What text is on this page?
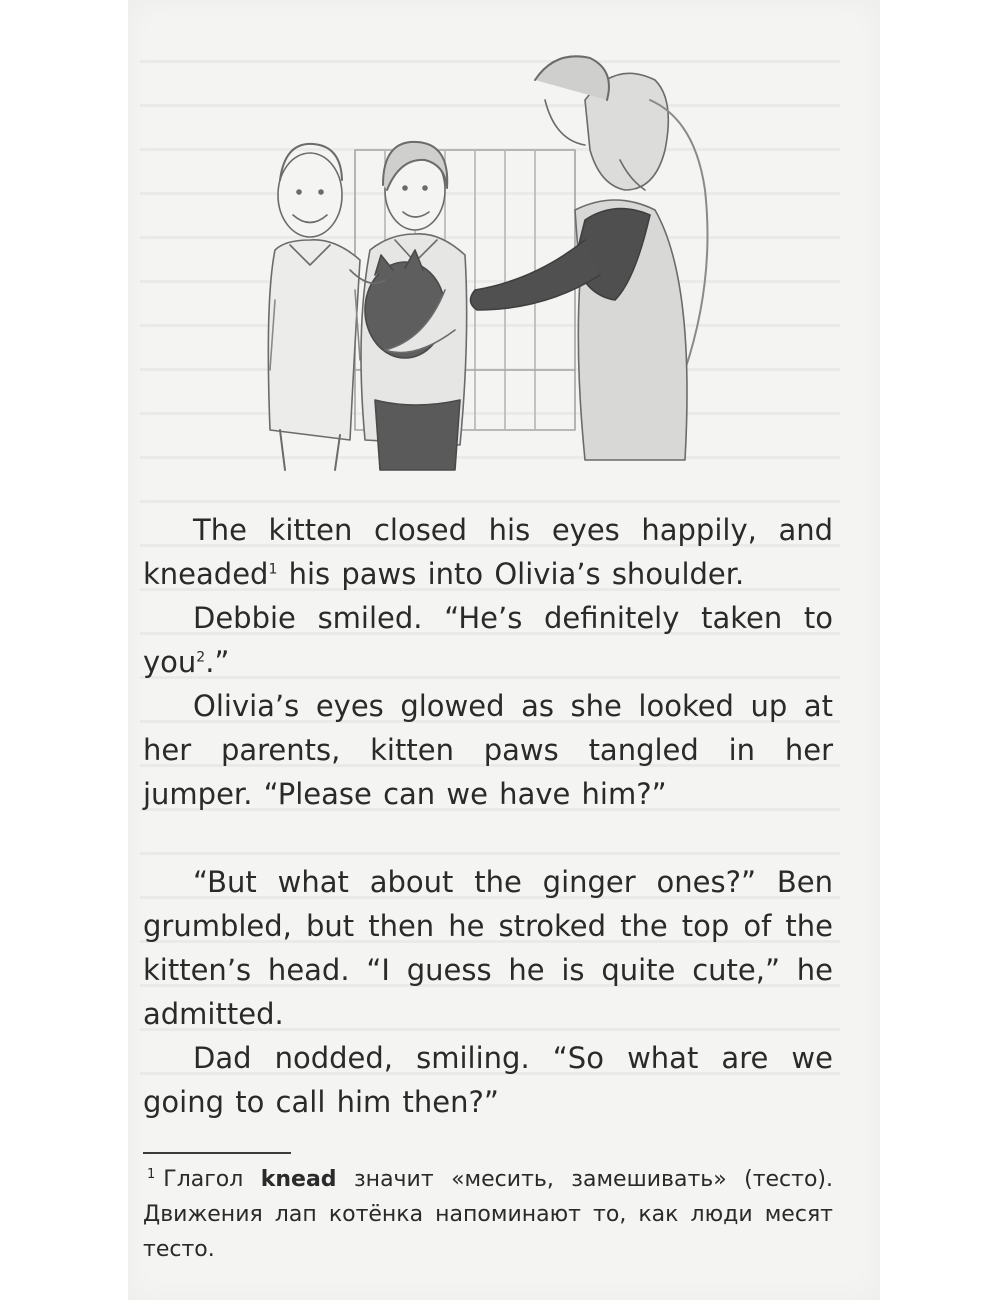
The kitten closed his eyes happily, and kneaded$^1$ his paws into Olivia’s shoulder.

Debbie smiled. “He’s definitely taken to you$^2$.”

Olivia’s eyes glowed as she looked up at her parents, kitten paws tangled in her jumper. “Please can we have him?”

“But what about the ginger ones?” Ben grumbled, but then he stroked the top of the kitten’s head. “I guess he is quite cute,” he admitted.

Dad nodded, smiling. “So what are we going to call him then?”

$^1$ Глагол knead значит «месить, замешивать» (тесто). Движения лап котёнка напоминают то, как люди месят тесто.
